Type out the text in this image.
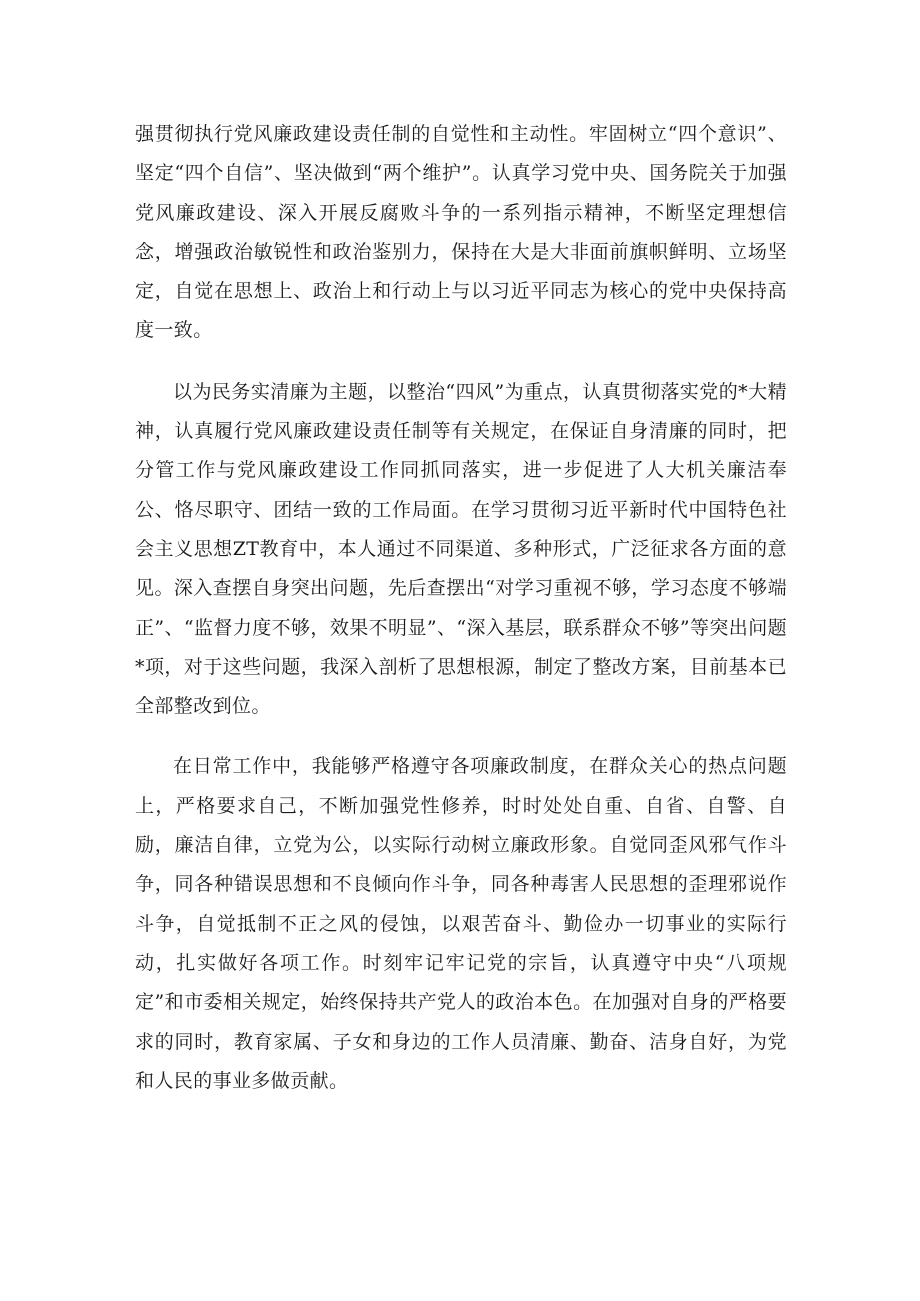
强贯彻执行党风廉政建设责任制的自觉性和主动性。牢固树立“四个意识”、坚定“四个自信”、坚决做到“两个维护”。认真学习党中央、国务院关于加强党风廉政建设、深入开展反腐败斗争的一系列指示精神，不断坚定理想信念，增强政治敏锐性和政治鉴别力，保持在大是大非面前旗帜鲜明、立场坚定，自觉在思想上、政治上和行动上与以习近平同志为核心的党中央保持高度一致。

以为民务实清廉为主题，以整治“四风”为重点，认真贯彻落实党的*大精神，认真履行党风廉政建设责任制等有关规定，在保证自身清廉的同时，把分管工作与党风廉政建设工作同抓同落实，进一步促进了人大机关廉洁奉公、恪尽职守、团结一致的工作局面。在学习贯彻习近平新时代中国特色社会主义思想ZT教育中，本人通过不同渠道、多种形式，广泛征求各方面的意见。深入查摆自身突出问题，先后查摆出“对学习重视不够，学习态度不够端正”、“监督力度不够，效果不明显”、“深入基层，联系群众不够”等突出问题*项，对于这些问题，我深入剖析了思想根源，制定了整改方案，目前基本已全部整改到位。

在日常工作中，我能够严格遵守各项廉政制度，在群众关心的热点问题上，严格要求自己，不断加强党性修养，时时处处自重、自省、自警、自励，廉洁自律，立党为公，以实际行动树立廉政形象。自觉同歪风邪气作斗争，同各种错误思想和不良倾向作斗争，同各种毒害人民思想的歪理邪说作斗争，自觉抵制不正之风的侵蚀，以艰苦奋斗、勤俭办一切事业的实际行动，扎实做好各项工作。时刻牢记牢记党的宗旨，认真遵守中央“八项规定”和市委相关规定，始终保持共产党人的政治本色。在加强对自身的严格要求的同时，教育家属、子女和身边的工作人员清廉、勤奋、洁身自好，为党和人民的事业多做贡献。
